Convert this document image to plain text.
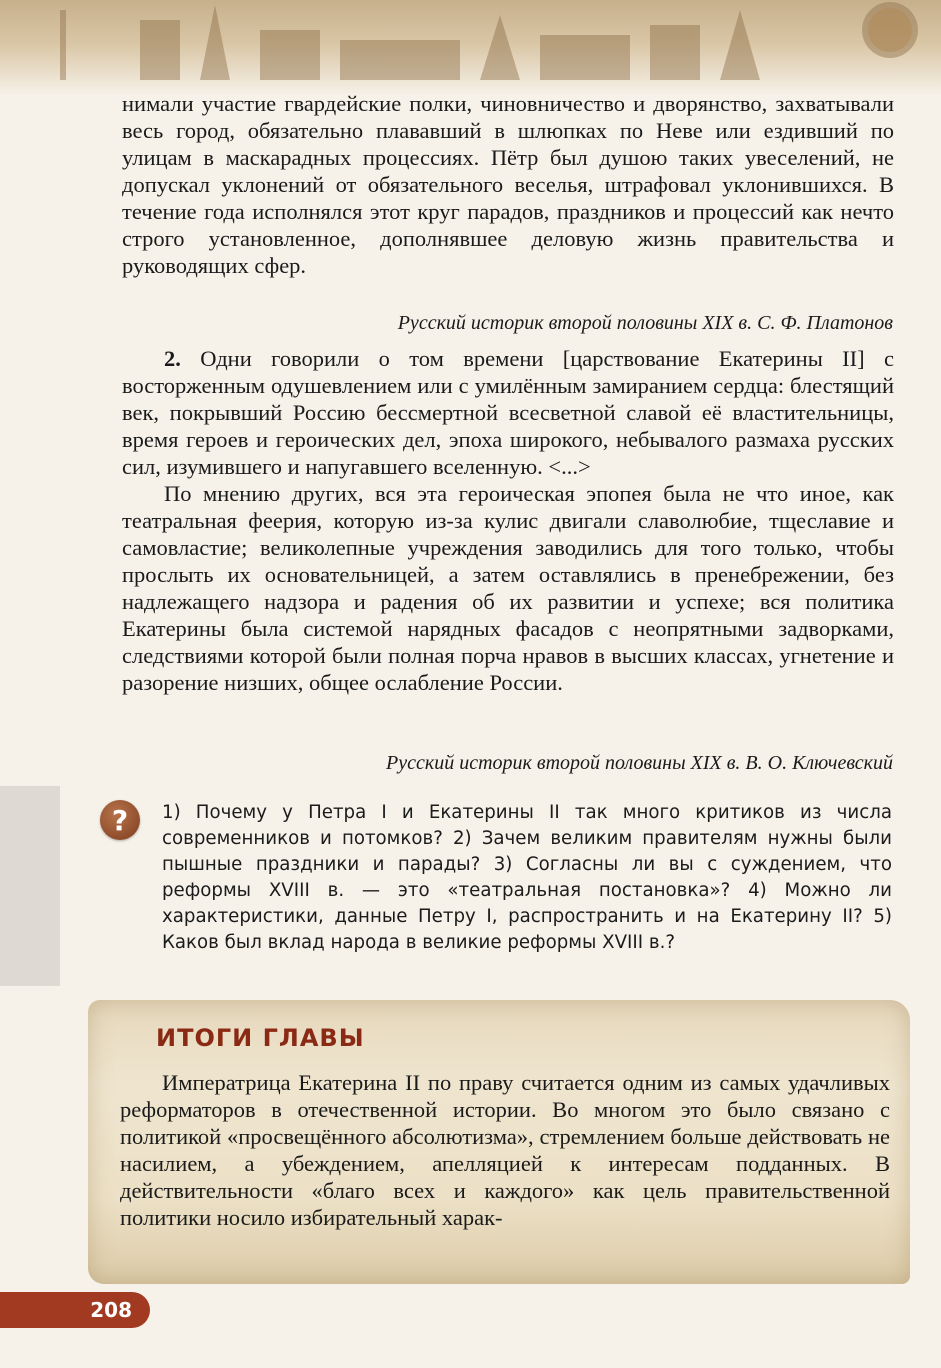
нимали участие гвардейские полки, чиновничество и дворянство, захватывали весь город, обязательно плававший в шлюпках по Неве или ездивший по улицам в маскарадных процессиях. Пётр был душою таких увеселений, не допускал уклонений от обязательного веселья, штрафовал уклонившихся. В течение года исполнялся этот круг парадов, праздников и процессий как нечто строго установленное, дополнявшее деловую жизнь правительства и руководящих сфер.

Русский историк второй половины XIX в. С. Ф. Платонов

2. Одни говорили о том времени [царствование Екатерины II] с восторженным одушевлением или с умилённым замиранием сердца: блестящий век, покрывший Россию бессмертной всесветной славой её властительницы, время героев и героических дел, эпоха широкого, небывалого размаха русских сил, изумившего и напугавшего вселенную. <...>

По мнению других, вся эта героическая эпопея была не что иное, как театральная феерия, которую из-за кулис двигали славолюбие, тщеславие и самовластие; великолепные учреждения заводились для того только, чтобы прослыть их основательницей, а затем оставлялись в пренебрежении, без надлежащего надзора и радения об их развитии и успехе; вся политика Екатерины была системой нарядных фасадов с неопрятными задворками, следствиями которой были полная порча нравов в высших классах, угнетение и разорение низших, общее ослабление России.

Русский историк второй половины XIX в. В. О. Ключевский
?	1) Почему у Петра I и Екатерины II так много критиков из числа современников и потомков? 2) Зачем великим правителям нужны были пышные праздники и парады? 3) Согласны ли вы с суждением, что реформы XVIII в. — это «театральная постановка»? 4) Можно ли характеристики, данные Петру I, распространить и на Екатерину II? 5) Каков был вклад народа в великие реформы XVIII в.?
ИТОГИ ГЛАВЫ

Императрица Екатерина II по праву считается одним из самых удачливых реформаторов в отечественной истории. Во многом это было связано с политикой «просвещённого абсолютизма», стремлением больше действовать не насилием, а убеждением, апелляцией к интересам подданных. В действительности «благо всех и каждого» как цель правительственной политики носило избирательный харак-

208
